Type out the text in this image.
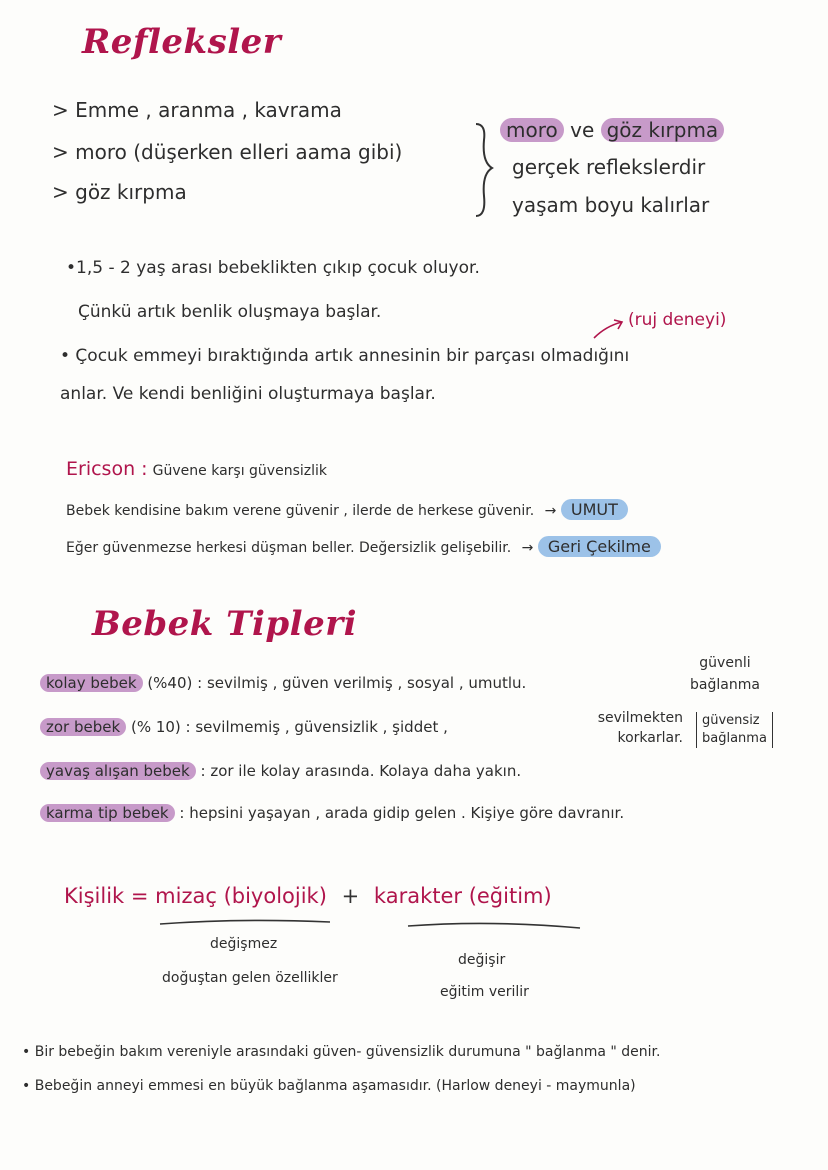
Refleksler
> Emme , aranma , kavrama
> moro (düşerken elleri aama gibi)
> göz kırpma
moro ve göz kırpma
gerçek reflekslerdir
yaşam boyu kalırlar
•1,5 - 2 yaş arası bebeklikten çıkıp çocuk oluyor.
Çünkü artık benlik oluşmaya başlar.	(ruj deneyi)
• Çocuk emmeyi bıraktığında artık annesinin bir parçası olmadığını
anlar. Ve kendi benliğini oluşturmaya başlar.
Ericson : Güvene karşı güvensizlik
Bebek kendisine bakım verene güvenir , ilerde de herkese güvenir. → UMUT
Eğer güvenmezse herkesi düşman beller. Değersizlik gelişebilir. → Geri Çekilme
Bebek Tipleri
kolay bebek (%40) : sevilmiş , güven verilmiş , sosyal , umutlu.
güvenli
bağlanma
zor bebek (% 10) : sevilmemiş , güvensizlik , şiddet ,	sevilmekten
korkarlar.
güvensiz
bağlanma
yavaş alışan bebek : zor ile kolay arasında. Kolaya daha yakın.
karma tip bebek : hepsini yaşayan , arada gidip gelen . Kişiye göre davranır.
Kişilik = mizaç (biyolojik) + karakter (eğitim)
değişmez
doğuştan gelen özellikler
değişir
eğitim verilir
• Bir bebeğin bakım vereniyle arasındaki güven- güvensizlik durumuna " bağlanma " denir.
• Bebeğin anneyi emmesi en büyük bağlanma aşamasıdır. (Harlow deneyi - maymunla)
